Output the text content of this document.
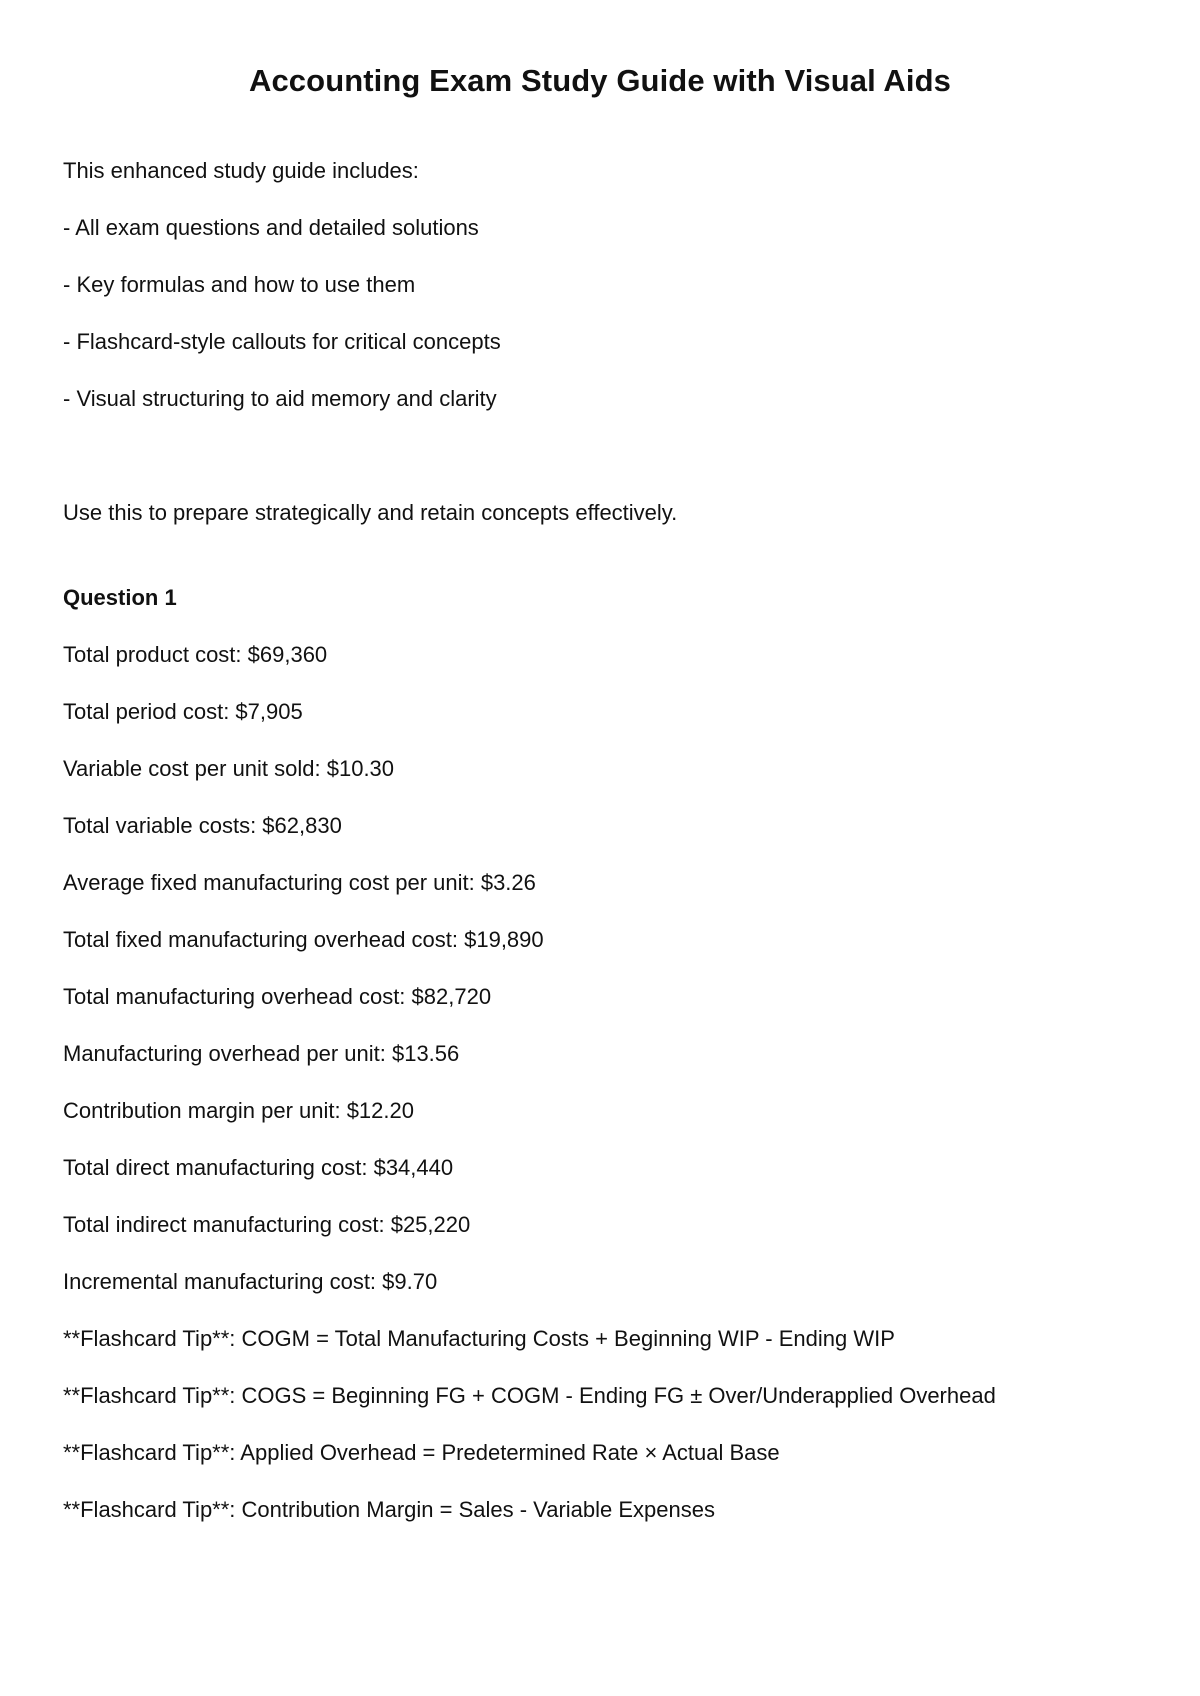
Accounting Exam Study Guide with Visual Aids
This enhanced study guide includes:
- All exam questions and detailed solutions
- Key formulas and how to use them
- Flashcard-style callouts for critical concepts
- Visual structuring to aid memory and clarity
Use this to prepare strategically and retain concepts effectively.
Question 1
Total product cost: $69,360
Total period cost: $7,905
Variable cost per unit sold: $10.30
Total variable costs: $62,830
Average fixed manufacturing cost per unit: $3.26
Total fixed manufacturing overhead cost: $19,890
Total manufacturing overhead cost: $82,720
Manufacturing overhead per unit: $13.56
Contribution margin per unit: $12.20
Total direct manufacturing cost: $34,440
Total indirect manufacturing cost: $25,220
Incremental manufacturing cost: $9.70
**Flashcard Tip**: COGM = Total Manufacturing Costs + Beginning WIP - Ending WIP
**Flashcard Tip**: COGS = Beginning FG + COGM - Ending FG ± Over/Underapplied Overhead
**Flashcard Tip**: Applied Overhead = Predetermined Rate × Actual Base
**Flashcard Tip**: Contribution Margin = Sales - Variable Expenses
